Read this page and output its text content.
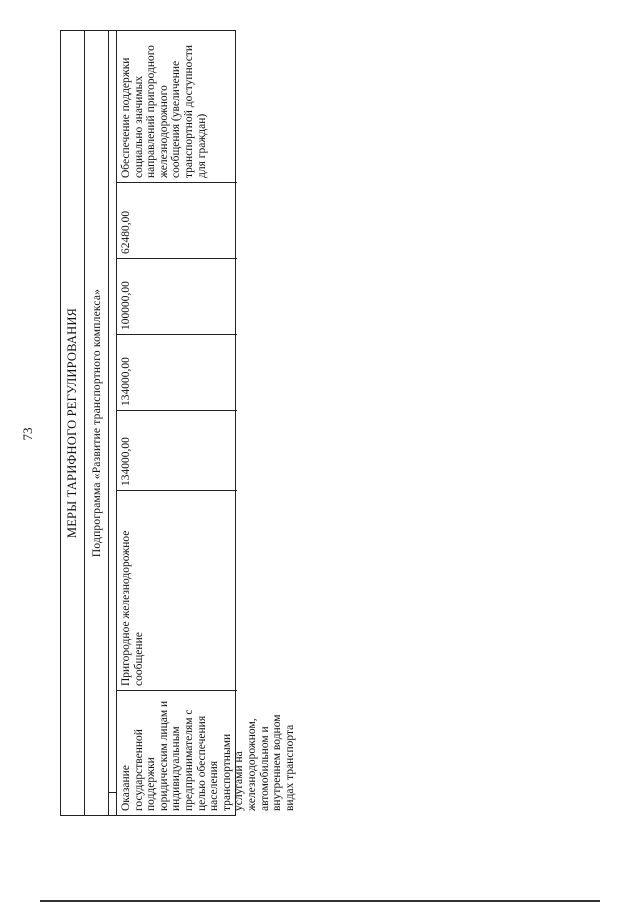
73	МЕРЫ ТАРИФНОГО РЕГУЛИРОВАНИЯ	Подпрограмма «Развитие транспортного комплекса»
Оказание государственной поддержки юридическим лицам и индивидуальным предпринимателям с целью обеспечения населения транспортными услугами на железнодорожном, автомобильном и внутреннем водном видах транспорта
Пригородное железнодорожное сообщение
134000,00
134000,00
100000,00
62480,00
Обеспечение поддержки социально значимых направлений пригородного железнодорожного сообщения (увеличение транспортной доступности для граждан)
